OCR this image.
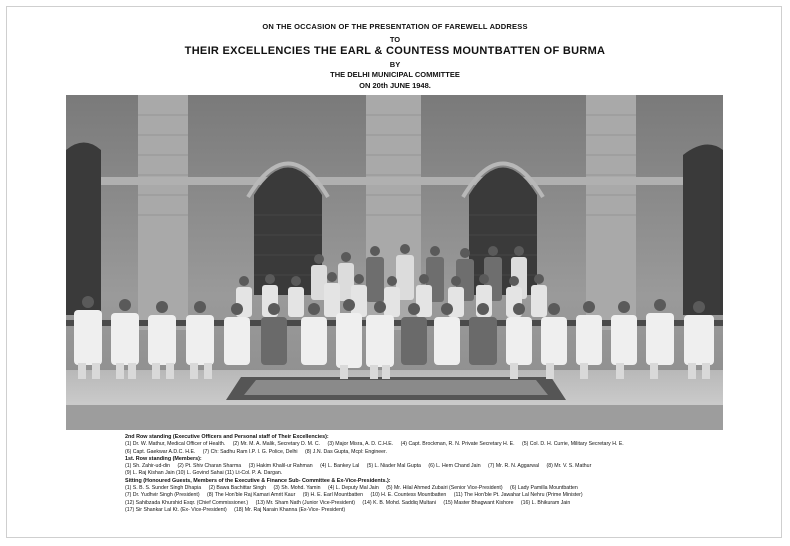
ON THE OCCASION OF THE PRESENTATION OF FAREWELL ADDRESS
TO
THEIR EXCELLENCIES THE EARL & COUNTESS MOUNTBATTEN OF BURMA
BY
THE DELHI MUNICIPAL COMMITTEE
ON 20th JUNE 1948.
2nd Row standing (Executive Officers and Personal staff of Their Excellencies):
(1) Dr. W. Mathur, Medical Officer of Health. (2) Mr. M. A. Malik, Secretary D. M. C. (3) Major Misra, A. D. C.H.E. (4) Capt. Brockman, R. N. Private Secretary H. E. (5) Col. D. H. Currie, Military Secretary H. E.
(6) Capt. Gaekwar A.D.C. H.E. (7) Ch: Sadhu Ram I.P. I. G. Police, Delhi (8) J.N. Das Gupta, Mcpl: Engineer.
1st. Row standing (Members):
(1) Sh. Zahir-ud-din (2) Pt. Shiv Charan Sharma (3) Hakim Khalil-ur Rahman (4) L. Bankey Lal (5) L. Niader Mal Gupta (6) L. Hem Chand Jain (7) Mr. R. N. Aggarwal (8) Mr. V. S. Mathur
(9) L. Raj Kishan Jain (10) L. Govind Sahai (11) Lt-Col. P. A. Dargan.
Sitting (Honoured Guests, Members of the Executive & Finance Sub- Committee & Ex-Vice-Presidents.):
(1) S. B. S. Sunder Singh Dhapia (2) Bawa Bachittar Singh (3) Sh. Mohd. Yamin (4) L. Deputy Mal Jain (5) Mr. Hilal Ahmed Zubairi (Senior Vice-President) (6) Lady Pamilla Mountbatten
(7) Dr. Yudhvir Singh (President) (8) The Hon'ble Raj Kamari Amrit Kaur (9) H. E. Earl Mountbatten (10) H. E. Countess Mountbatten (11) The Hon'ble Pt. Jawahar Lal Nehru (Prime Minister)
(12) Sahibzada Khurshid Esqr. (Chief Commissioner.) (13) Mr. Sham Nath (Junior Vice-President) (14) K. B. Mohd. Saddiq Multani (15) Master Bhagwant Kishore (16) L. Bhikuram Jain
(17) Sir Shankar Lal Kt. (Ex- Vice-President) (18) Mr. Raj Narain Khanna (Ex-Vice- President)
